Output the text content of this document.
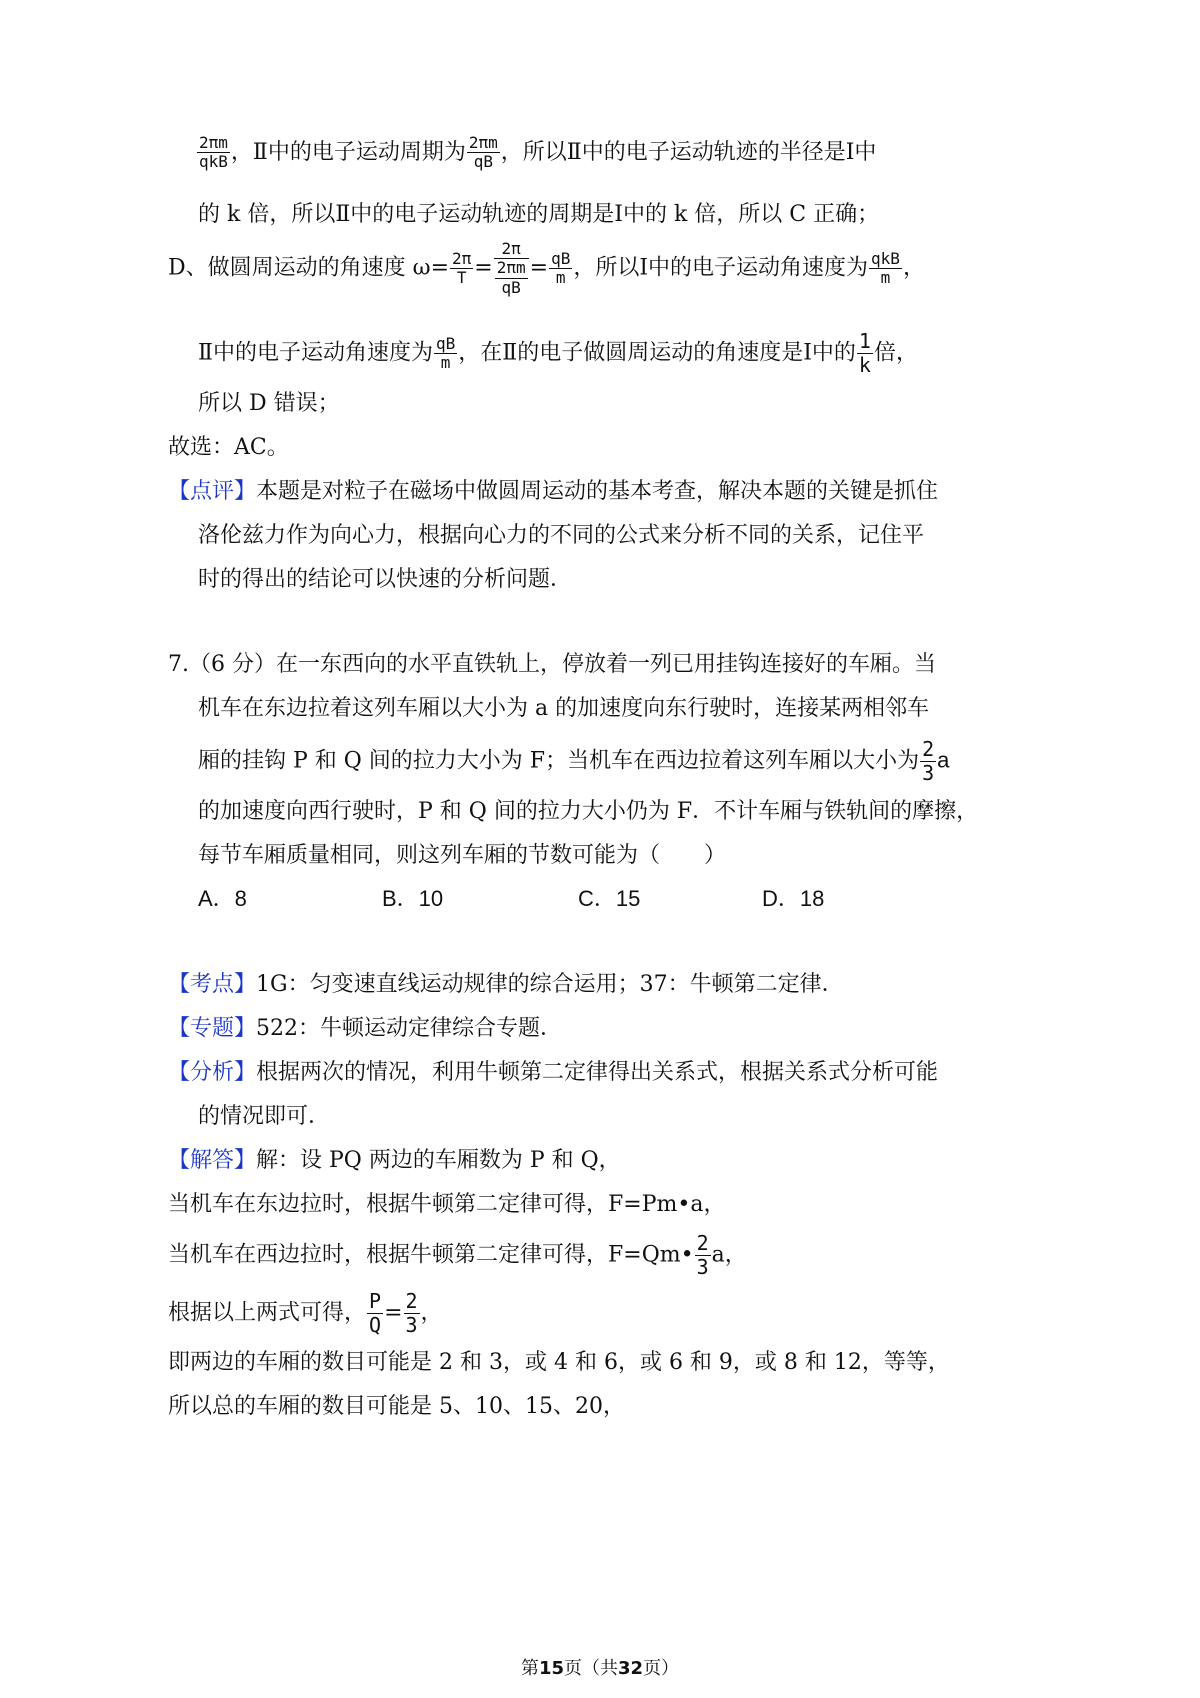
$\frac{2\pi m}{\text{qkB}}$ ，Ⅱ中的电子运动周期为 $\frac{2\pi m}{qB}$ ，所以Ⅱ中的电子运动轨迹的半径是Ⅰ中
的 k 倍，所以Ⅱ中的电子运动轨迹的周期是Ⅰ中的 k 倍，所以 C 正确；
D、做圆周运动的角速度 $\omega= \frac{2\pi}{T} = \frac{2\pi}{\frac{2\pi m}{qB}} = \frac{qB}{m}$ ，所以Ⅰ中的电子运动角速度为 $\frac{\text{qkB}}{m}$ ，
Ⅱ中的电子运动角速度为 $\frac{qB}{m}$ ，在Ⅱ的电子做圆周运动的角速度是Ⅰ中的 $\frac{1}{k}$ 倍，
所以 D 错误；
故选：AC。
【点评】本题是对粒子在磁场中做圆周运动的基本考查，解决本题的关键是抓住
洛伦兹力作为向心力，根据向心力的不同的公式来分析不同的关系，记住平
时的得出的结论可以快速的分析问题．
7.（6 分）在一东西向的水平直铁轨上，停放着一列已用挂钩连接好的车厢。当
机车在东边拉着这列车厢以大小为 a 的加速度向东行驶时，连接某两相邻车
厢的挂钩 P 和 Q 间的拉力大小为 F；当机车在西边拉着这列车厢以大小为 $\frac{2}{3}$ a
的加速度向西行驶时，P 和 Q 间的拉力大小仍为 F．不计车厢与铁轨间的摩擦，
每节车厢质量相同，则这列车厢的节数可能为（　　）
A．8	B．10	C．15	D．18
【考点】1G：匀变速直线运动规律的综合运用；37：牛顿第二定律．
【专题】522：牛顿运动定律综合专题．
【分析】根据两次的情况，利用牛顿第二定律得出关系式，根据关系式分析可能
的情况即可．
【解答】解：设 PQ 两边的车厢数为 P 和 Q，
当机车在东边拉时，根据牛顿第二定律可得，F=Pm•a，
当机车在西边拉时，根据牛顿第二定律可得，F=Qm• $\frac{2}{3}$ a，
根据以上两式可得， $\frac{P}{Q} = \frac{2}{3}$ ，
即两边的车厢的数目可能是 2 和 3，或 4 和 6，或 6 和 9，或 8 和 12，等等，
所以总的车厢的数目可能是 5、10、15、20，
第15页（共32页）
